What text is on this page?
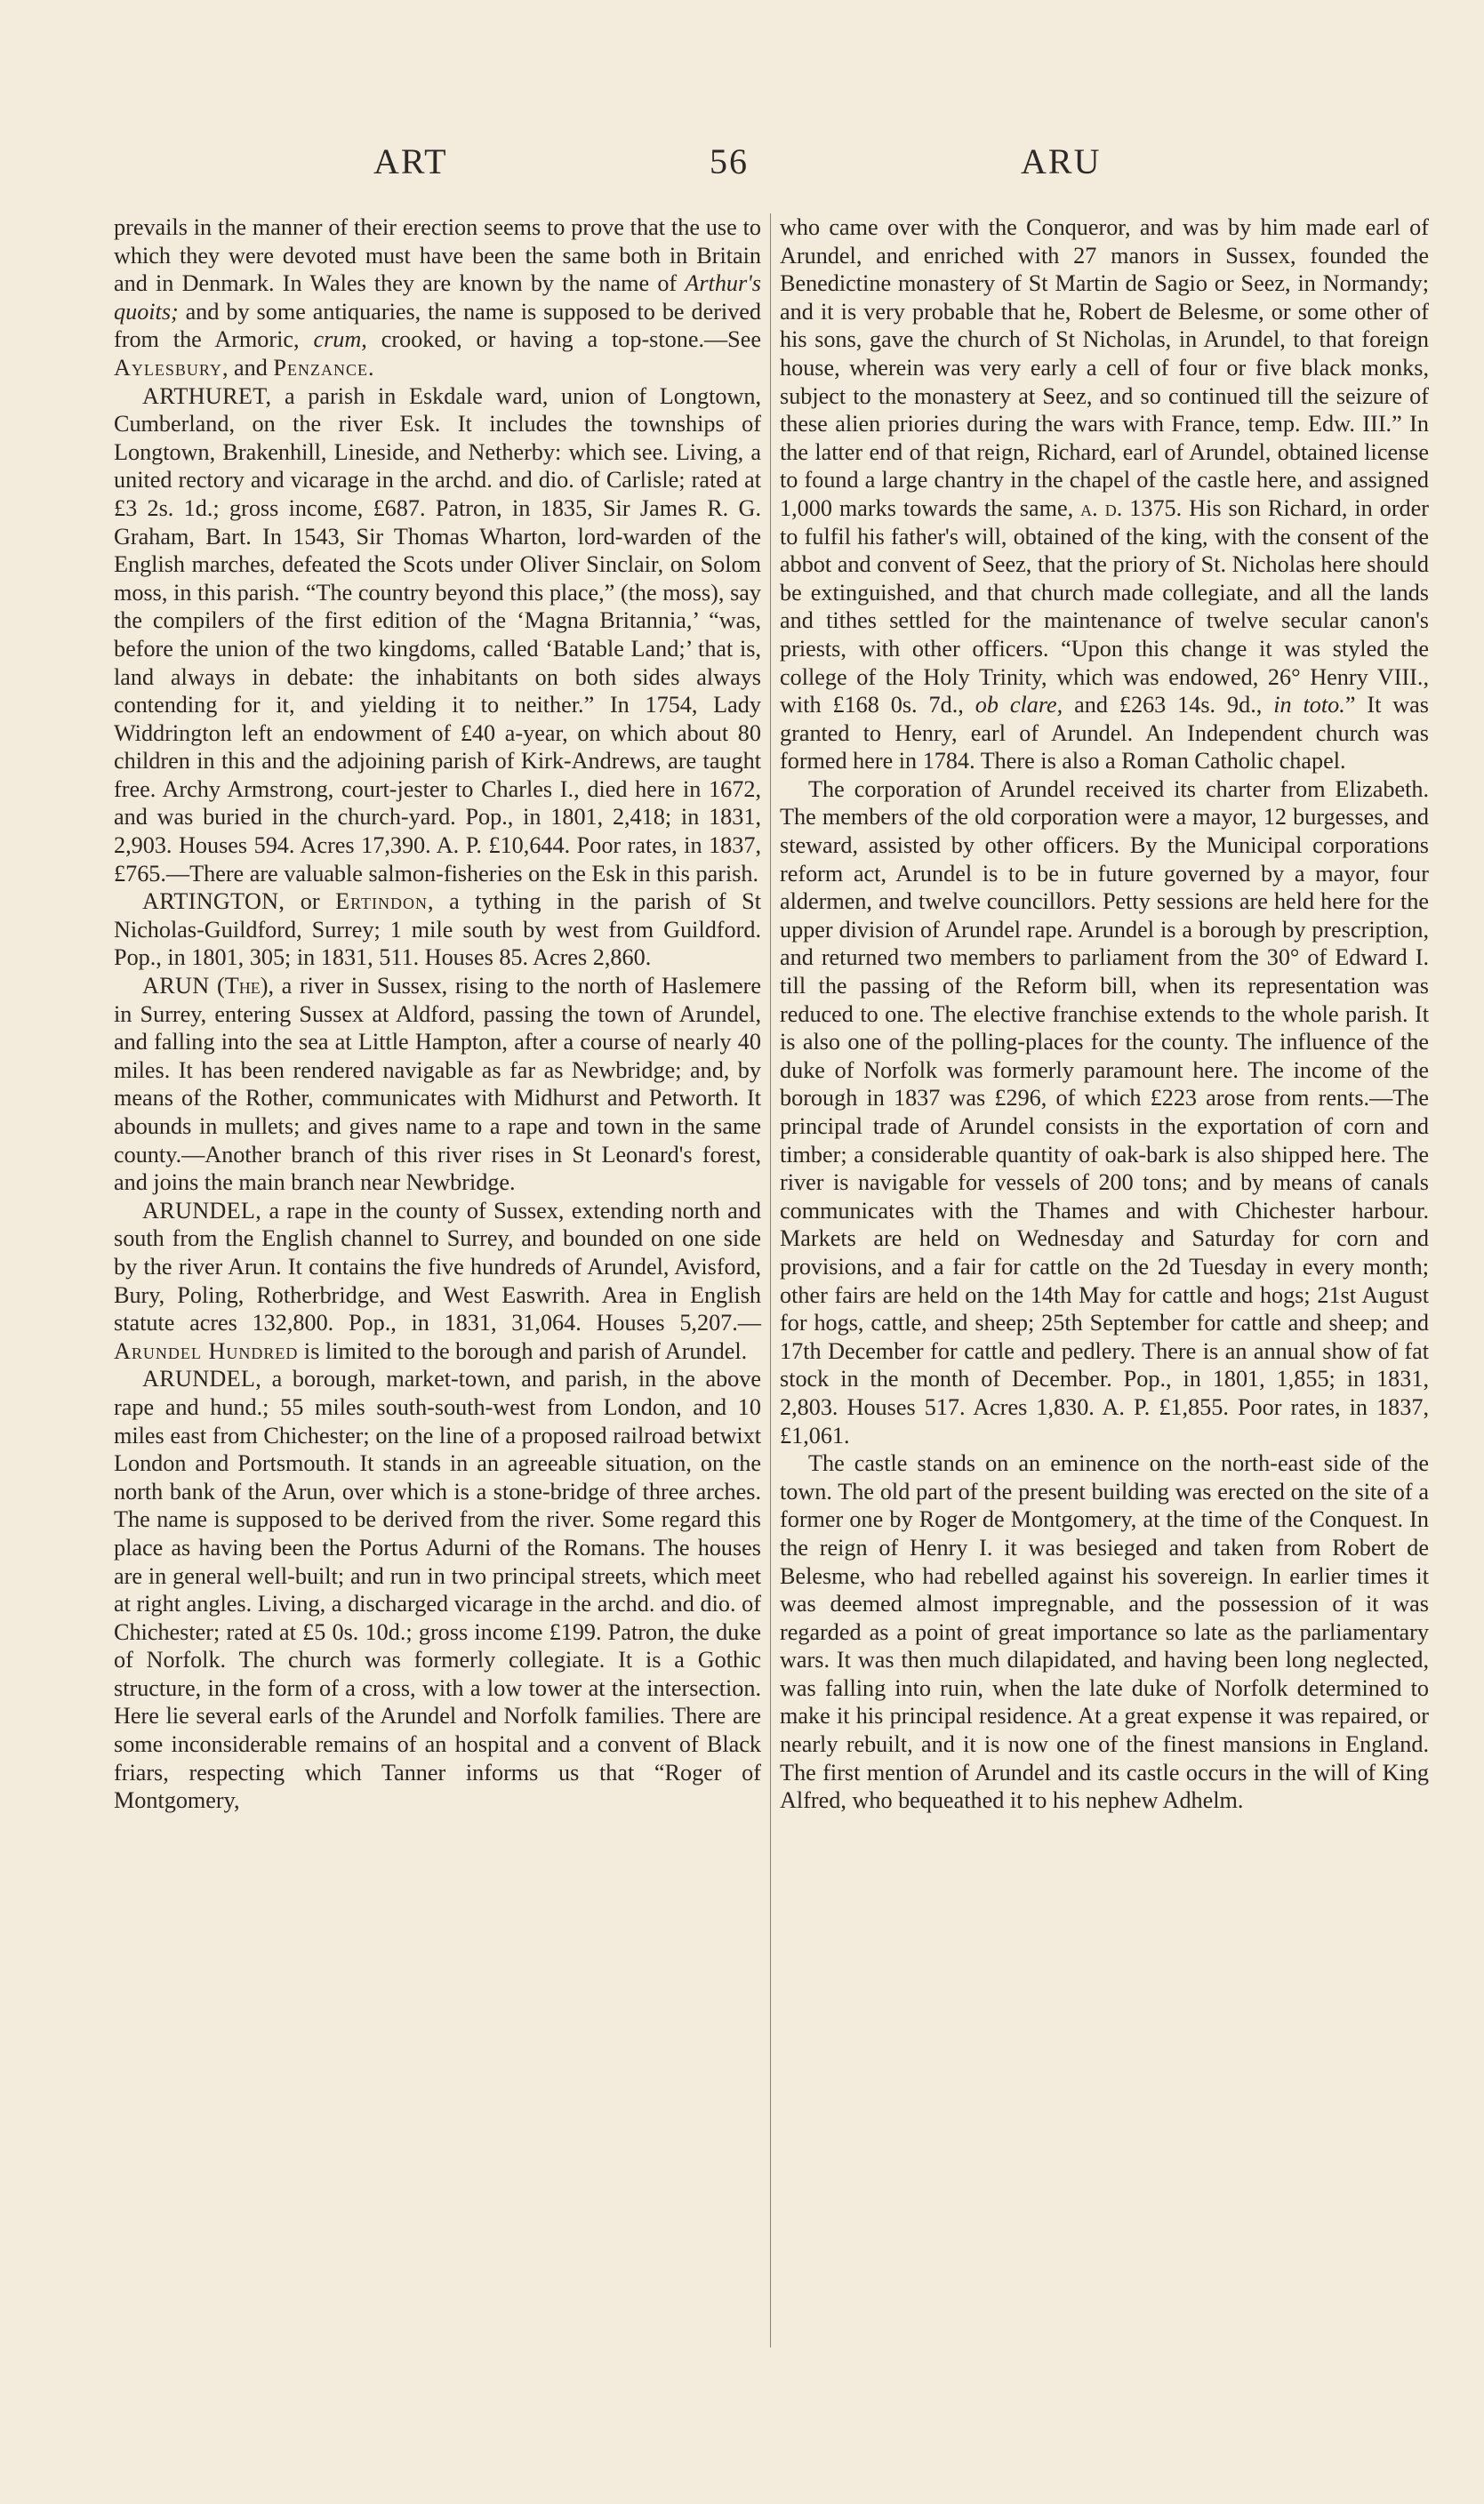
ART	56	ARU

prevails in the manner of their erection seems to prove that the use to which they were devoted must have been the same both in Britain and in Denmark. In Wales they are known by the name of Arthur's quoits; and by some antiquaries, the name is supposed to be derived from the Armoric, crum, crooked, or having a top-stone.—See Aylesbury, and Penzance.

ARTHURET, a parish in Eskdale ward, union of Longtown, Cumberland, on the river Esk. It includes the townships of Longtown, Brakenhill, Lineside, and Netherby: which see. Living, a united rectory and vicarage in the archd. and dio. of Carlisle; rated at £3 2s. 1d.; gross income, £687. Patron, in 1835, Sir James R. G. Graham, Bart. In 1543, Sir Thomas Wharton, lord-warden of the English marches, defeated the Scots under Oliver Sinclair, on Solom moss, in this parish. “The country beyond this place,” (the moss), say the compilers of the first edition of the ‘Magna Britannia,’ “was, before the union of the two kingdoms, called ‘Batable Land;’ that is, land always in debate: the inhabitants on both sides always contending for it, and yielding it to neither.” In 1754, Lady Widdrington left an endowment of £40 a-year, on which about 80 children in this and the adjoining parish of Kirk-Andrews, are taught free. Archy Armstrong, court-jester to Charles I., died here in 1672, and was buried in the church-yard. Pop., in 1801, 2,418; in 1831, 2,903. Houses 594. Acres 17,390. A. P. £10,644. Poor rates, in 1837, £765.—There are valuable salmon-fisheries on the Esk in this parish.

ARTINGTON, or Ertindon, a tything in the parish of St Nicholas-Guildford, Surrey; 1 mile south by west from Guildford. Pop., in 1801, 305; in 1831, 511. Houses 85. Acres 2,860.

ARUN (The), a river in Sussex, rising to the north of Haslemere in Surrey, entering Sussex at Aldford, passing the town of Arundel, and falling into the sea at Little Hampton, after a course of nearly 40 miles. It has been rendered navigable as far as Newbridge; and, by means of the Rother, communicates with Midhurst and Petworth. It abounds in mullets; and gives name to a rape and town in the same county.—Another branch of this river rises in St Leonard's forest, and joins the main branch near Newbridge.

ARUNDEL, a rape in the county of Sussex, extending north and south from the English channel to Surrey, and bounded on one side by the river Arun. It contains the five hundreds of Arundel, Avisford, Bury, Poling, Rotherbridge, and West Easwrith. Area in English statute acres 132,800. Pop., in 1831, 31,064. Houses 5,207.—Arundel Hundred is limited to the borough and parish of Arundel.

ARUNDEL, a borough, market-town, and parish, in the above rape and hund.; 55 miles south-south-west from London, and 10 miles east from Chichester; on the line of a proposed railroad betwixt London and Portsmouth. It stands in an agreeable situation, on the north bank of the Arun, over which is a stone-bridge of three arches. The name is supposed to be derived from the river. Some regard this place as having been the Portus Adurni of the Romans. The houses are in general well-built; and run in two principal streets, which meet at right angles. Living, a discharged vicarage in the archd. and dio. of Chichester; rated at £5 0s. 10d.; gross income £199. Patron, the duke of Norfolk. The church was formerly collegiate. It is a Gothic structure, in the form of a cross, with a low tower at the intersection. Here lie several earls of the Arundel and Norfolk families. There are some inconsiderable remains of an hospital and a convent of Black friars, respecting which Tanner informs us that “Roger of Montgomery,

who came over with the Conqueror, and was by him made earl of Arundel, and enriched with 27 manors in Sussex, founded the Benedictine monastery of St Martin de Sagio or Seez, in Normandy; and it is very probable that he, Robert de Belesme, or some other of his sons, gave the church of St Nicholas, in Arundel, to that foreign house, wherein was very early a cell of four or five black monks, subject to the monastery at Seez, and so continued till the seizure of these alien priories during the wars with France, temp. Edw. III.” In the latter end of that reign, Richard, earl of Arundel, obtained license to found a large chantry in the chapel of the castle here, and assigned 1,000 marks towards the same, a. d. 1375. His son Richard, in order to fulfil his father's will, obtained of the king, with the consent of the abbot and convent of Seez, that the priory of St. Nicholas here should be extinguished, and that church made collegiate, and all the lands and tithes settled for the maintenance of twelve secular canon's priests, with other officers. “Upon this change it was styled the college of the Holy Trinity, which was endowed, 26° Henry VIII., with £168 0s. 7d., ob clare, and £263 14s. 9d., in toto.” It was granted to Henry, earl of Arundel. An Independent church was formed here in 1784. There is also a Roman Catholic chapel.

The corporation of Arundel received its charter from Elizabeth. The members of the old corporation were a mayor, 12 burgesses, and steward, assisted by other officers. By the Municipal corporations reform act, Arundel is to be in future governed by a mayor, four aldermen, and twelve councillors. Petty sessions are held here for the upper division of Arundel rape. Arundel is a borough by prescription, and returned two members to parliament from the 30° of Edward I. till the passing of the Reform bill, when its representation was reduced to one. The elective franchise extends to the whole parish. It is also one of the polling-places for the county. The influence of the duke of Norfolk was formerly paramount here. The income of the borough in 1837 was £296, of which £223 arose from rents.—The principal trade of Arundel consists in the exportation of corn and timber; a considerable quantity of oak-bark is also shipped here. The river is navigable for vessels of 200 tons; and by means of canals communicates with the Thames and with Chichester harbour. Markets are held on Wednesday and Saturday for corn and provisions, and a fair for cattle on the 2d Tuesday in every month; other fairs are held on the 14th May for cattle and hogs; 21st August for hogs, cattle, and sheep; 25th September for cattle and sheep; and 17th December for cattle and pedlery. There is an annual show of fat stock in the month of December. Pop., in 1801, 1,855; in 1831, 2,803. Houses 517. Acres 1,830. A. P. £1,855. Poor rates, in 1837, £1,061.

The castle stands on an eminence on the north-east side of the town. The old part of the present building was erected on the site of a former one by Roger de Montgomery, at the time of the Conquest. In the reign of Henry I. it was besieged and taken from Robert de Belesme, who had rebelled against his sovereign. In earlier times it was deemed almost impregnable, and the possession of it was regarded as a point of great importance so late as the parliamentary wars. It was then much dilapidated, and having been long neglected, was falling into ruin, when the late duke of Norfolk determined to make it his principal residence. At a great expense it was repaired, or nearly rebuilt, and it is now one of the finest mansions in England. The first mention of Arundel and its castle occurs in the will of King Alfred, who bequeathed it to his nephew Adhelm.
